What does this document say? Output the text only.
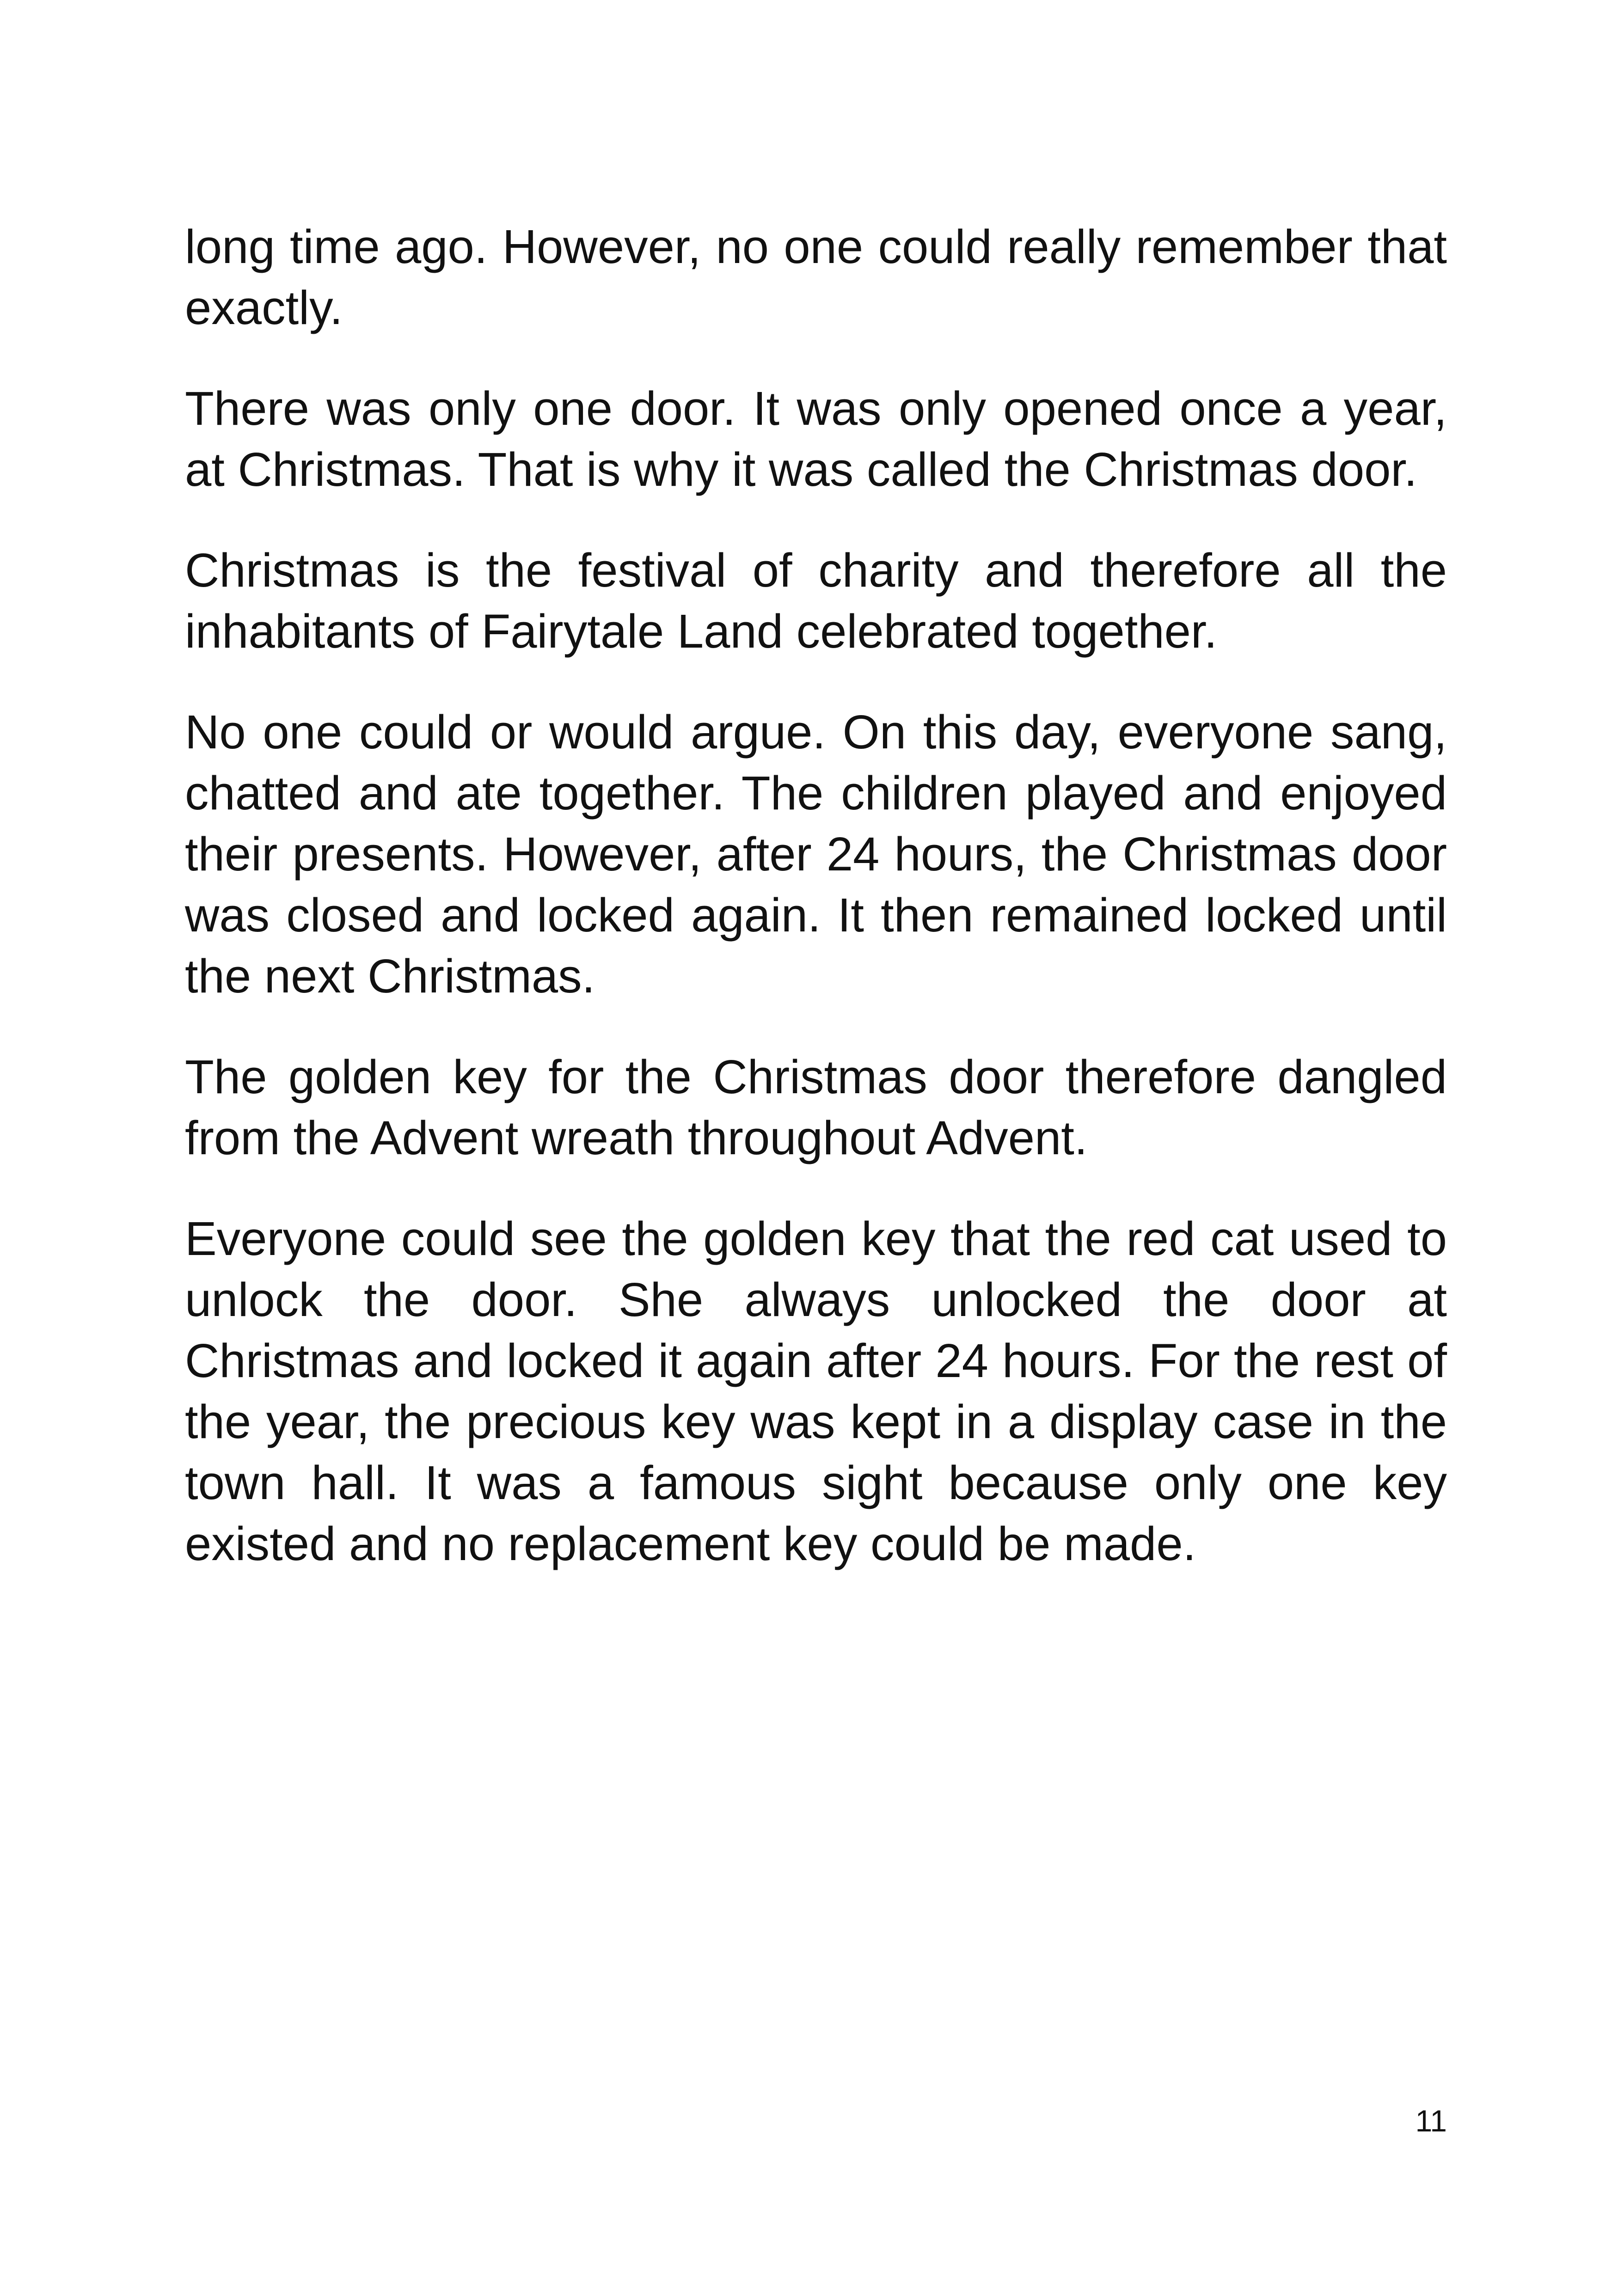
long time ago. However, no one could really remember that exactly.

There was only one door. It was only opened once a year, at Christmas. That is why it was called the Christmas door.

Christmas is the festival of charity and therefore all the inhabitants of Fairytale Land celebrated together.

No one could or would argue. On this day, everyone sang, chatted and ate together. The children played and enjoyed their presents. However, after 24 hours, the Christmas door was closed and locked again. It then remained locked until the next Christmas.

The golden key for the Christmas door therefore dangled from the Advent wreath throughout Advent.

Everyone could see the golden key that the red cat used to unlock the door. She always unlocked the door at Christmas and locked it again after 24 hours. For the rest of the year, the precious key was kept in a display case in the town hall. It was a famous sight because only one key existed and no replacement key could be made.

11
